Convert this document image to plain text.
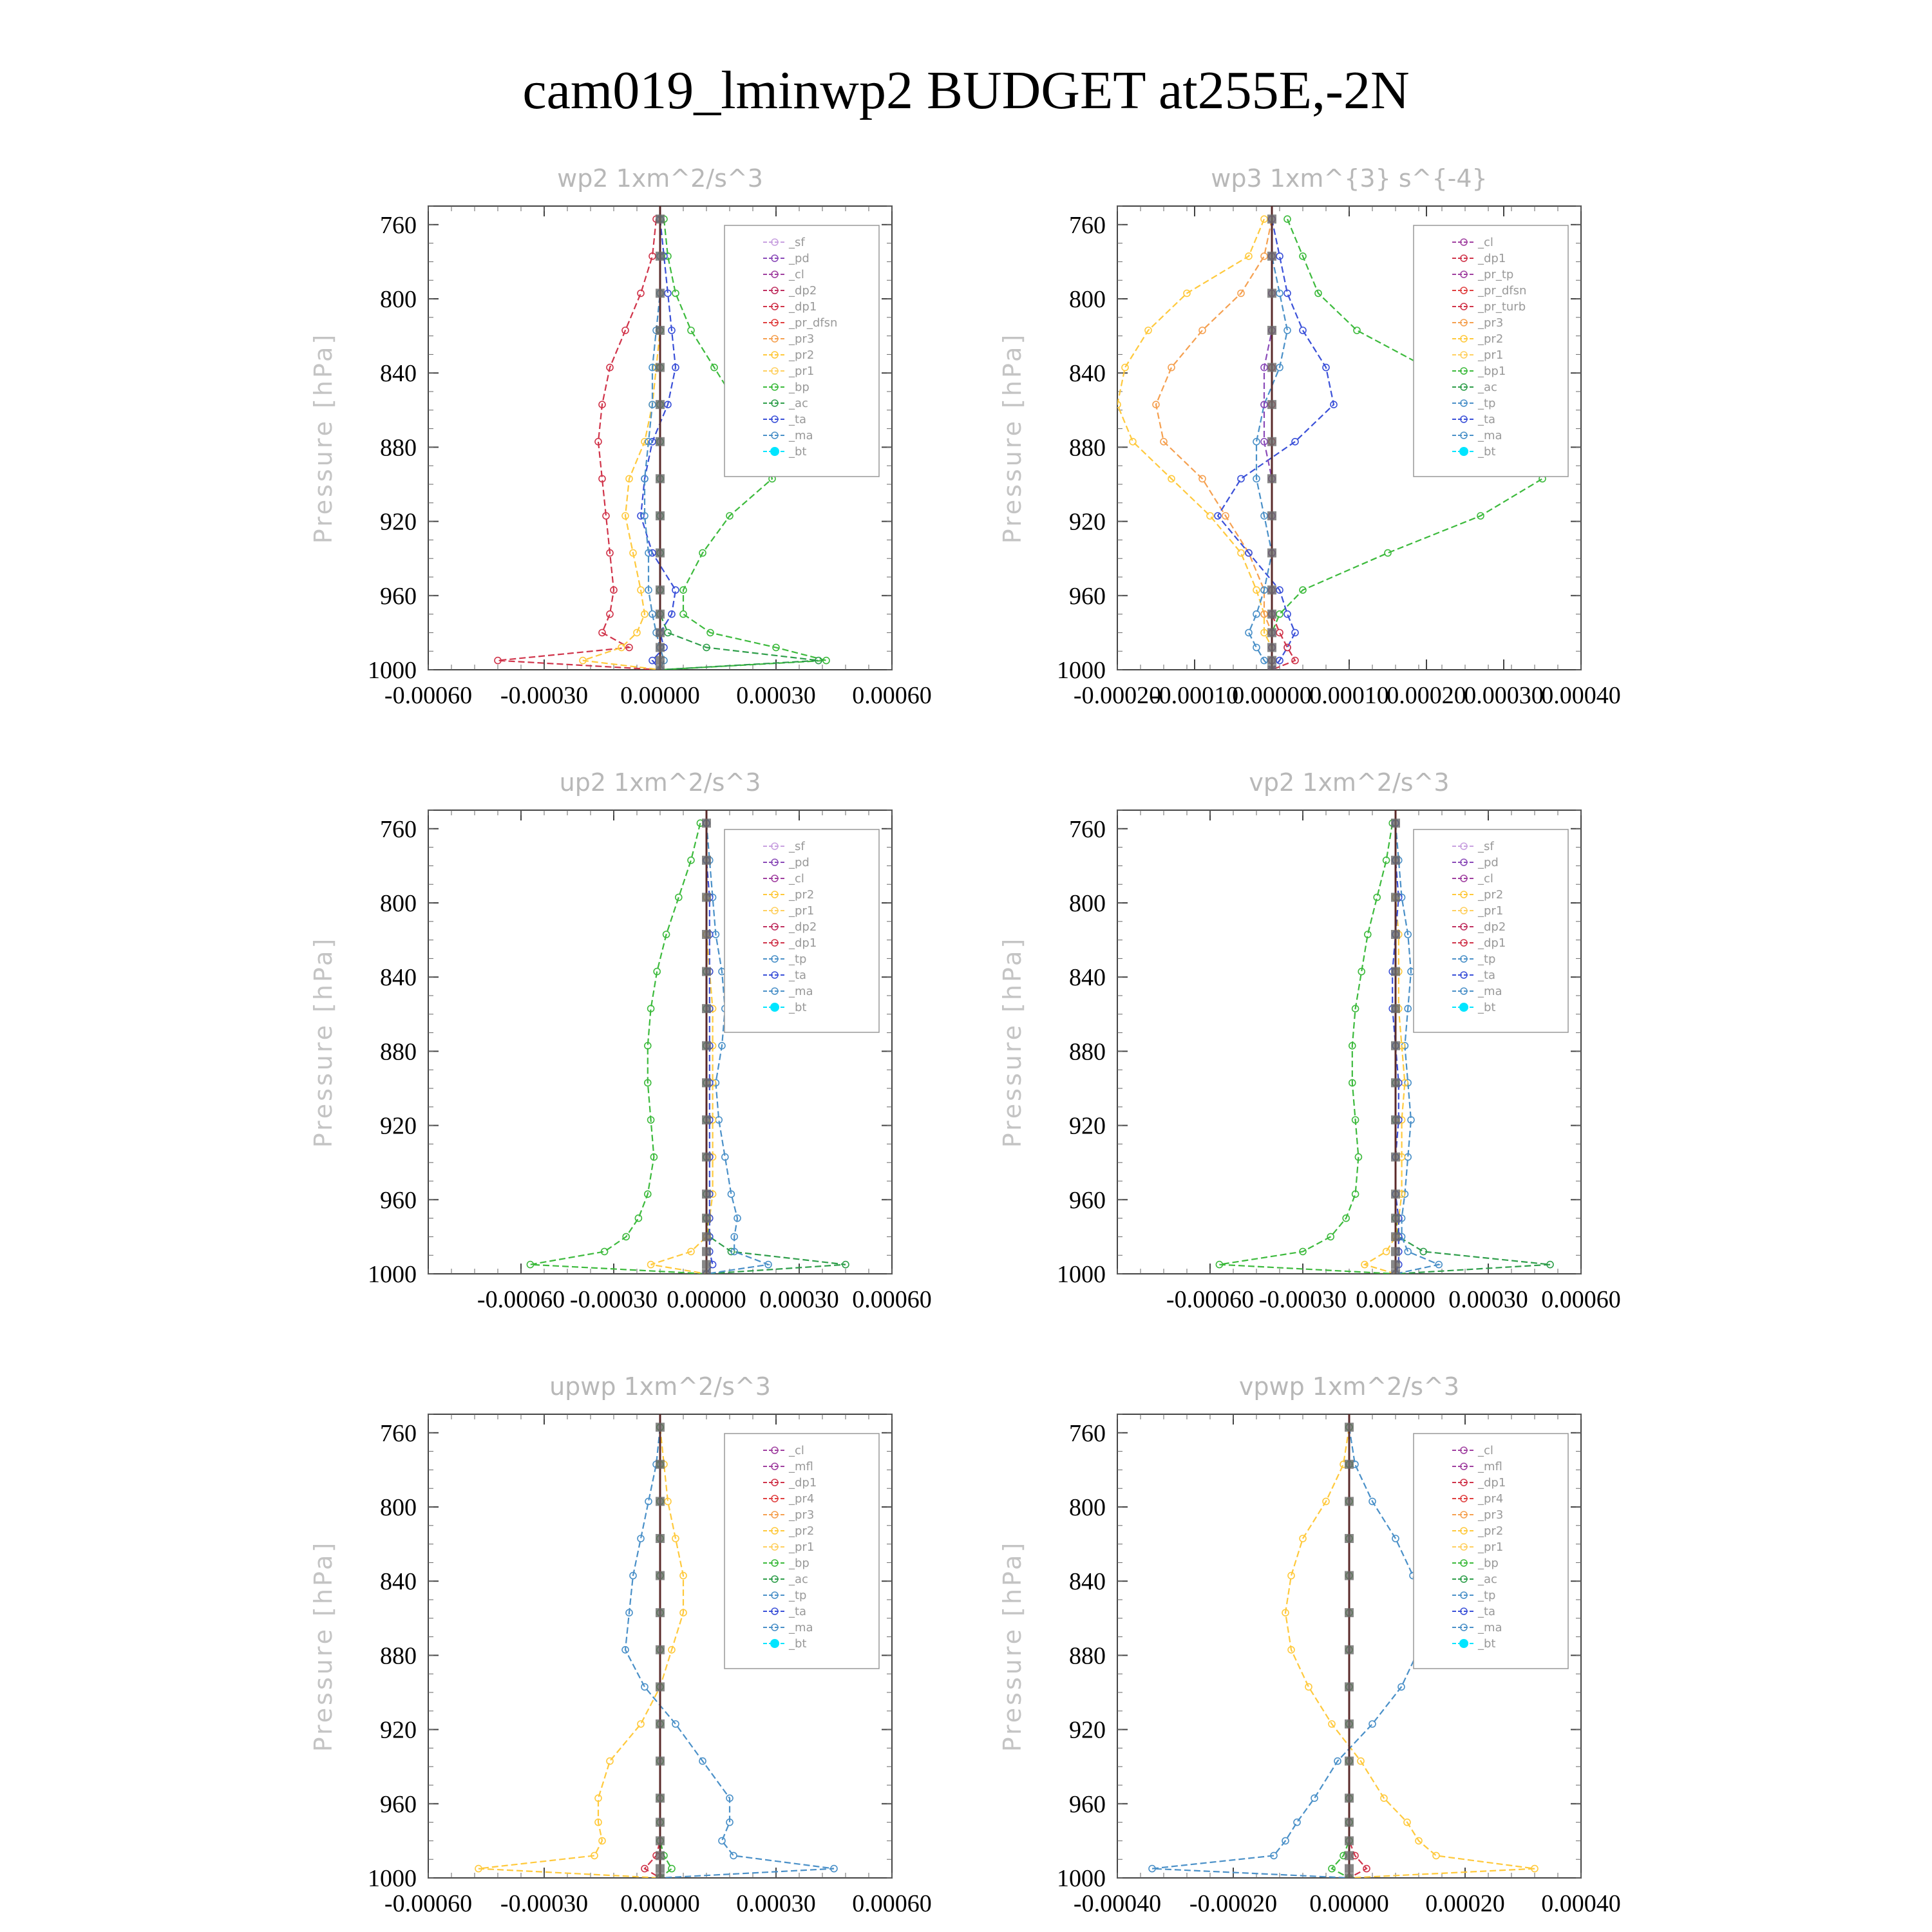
cam019_lminwp2 BUDGET at255E,-2N
wp2 1xm^2/s^3
Pressure [hPa]
760
800
840
880
920
960
1000
-0.00060 -0.00030 0.00000 0.00030 0.00060
_sf
_pd
_cl
_dp2
_dp1
_pr_dfsn
_pr3
_pr2
_pr1
_bp
_ac
_ta
_ma
_bt
wp3 1xm^{3} s^{-4}
Pressure [hPa]
760
800
840
880
920
960
1000
-0.00020
-0.00010
0.00000
0.00010
0.00020
0.00030
0.00040
_cl
_dp1
_pr_tp
_pr_dfsn
_pr_turb
_pr3
_pr2
_pr1
_bp1
_ac
_tp
_ta
_ma
_bt
up2 1xm^2/s^3
Pressure [hPa]
760
800
840
880
920
960
1000
-0.00060 -0.00030 0.00000 0.00030 0.00060
_sf
_pd
_cl
_pr2
_pr1
_dp2
_dp1
_tp
_ta
_ma
_bt
vp2 1xm^2/s^3
Pressure [hPa]
760
800
840
880
920
960
1000
-0.00060 -0.00030 0.00000 0.00030 0.00060
_sf
_pd
_cl
_pr2
_pr1
_dp2
_dp1
_tp
_ta
_ma
_bt
upwp 1xm^2/s^3
Pressure [hPa]
760
800
840
880
920
960
1000
-0.00060 -0.00030 0.00000 0.00030 0.00060
_cl
_mfl
_dp1
_pr4
_pr3
_pr2
_pr1
_bp
_ac
_tp
_ta
_ma
_bt
vpwp 1xm^2/s^3
Pressure [hPa]
760
800
840
880
920
960
1000
-0.00040 -0.00020 0.00000 0.00020 0.00040
_cl
_mfl
_dp1
_pr4
_pr3
_pr2
_pr1
_bp
_ac
_tp
_ta
_ma
_bt
